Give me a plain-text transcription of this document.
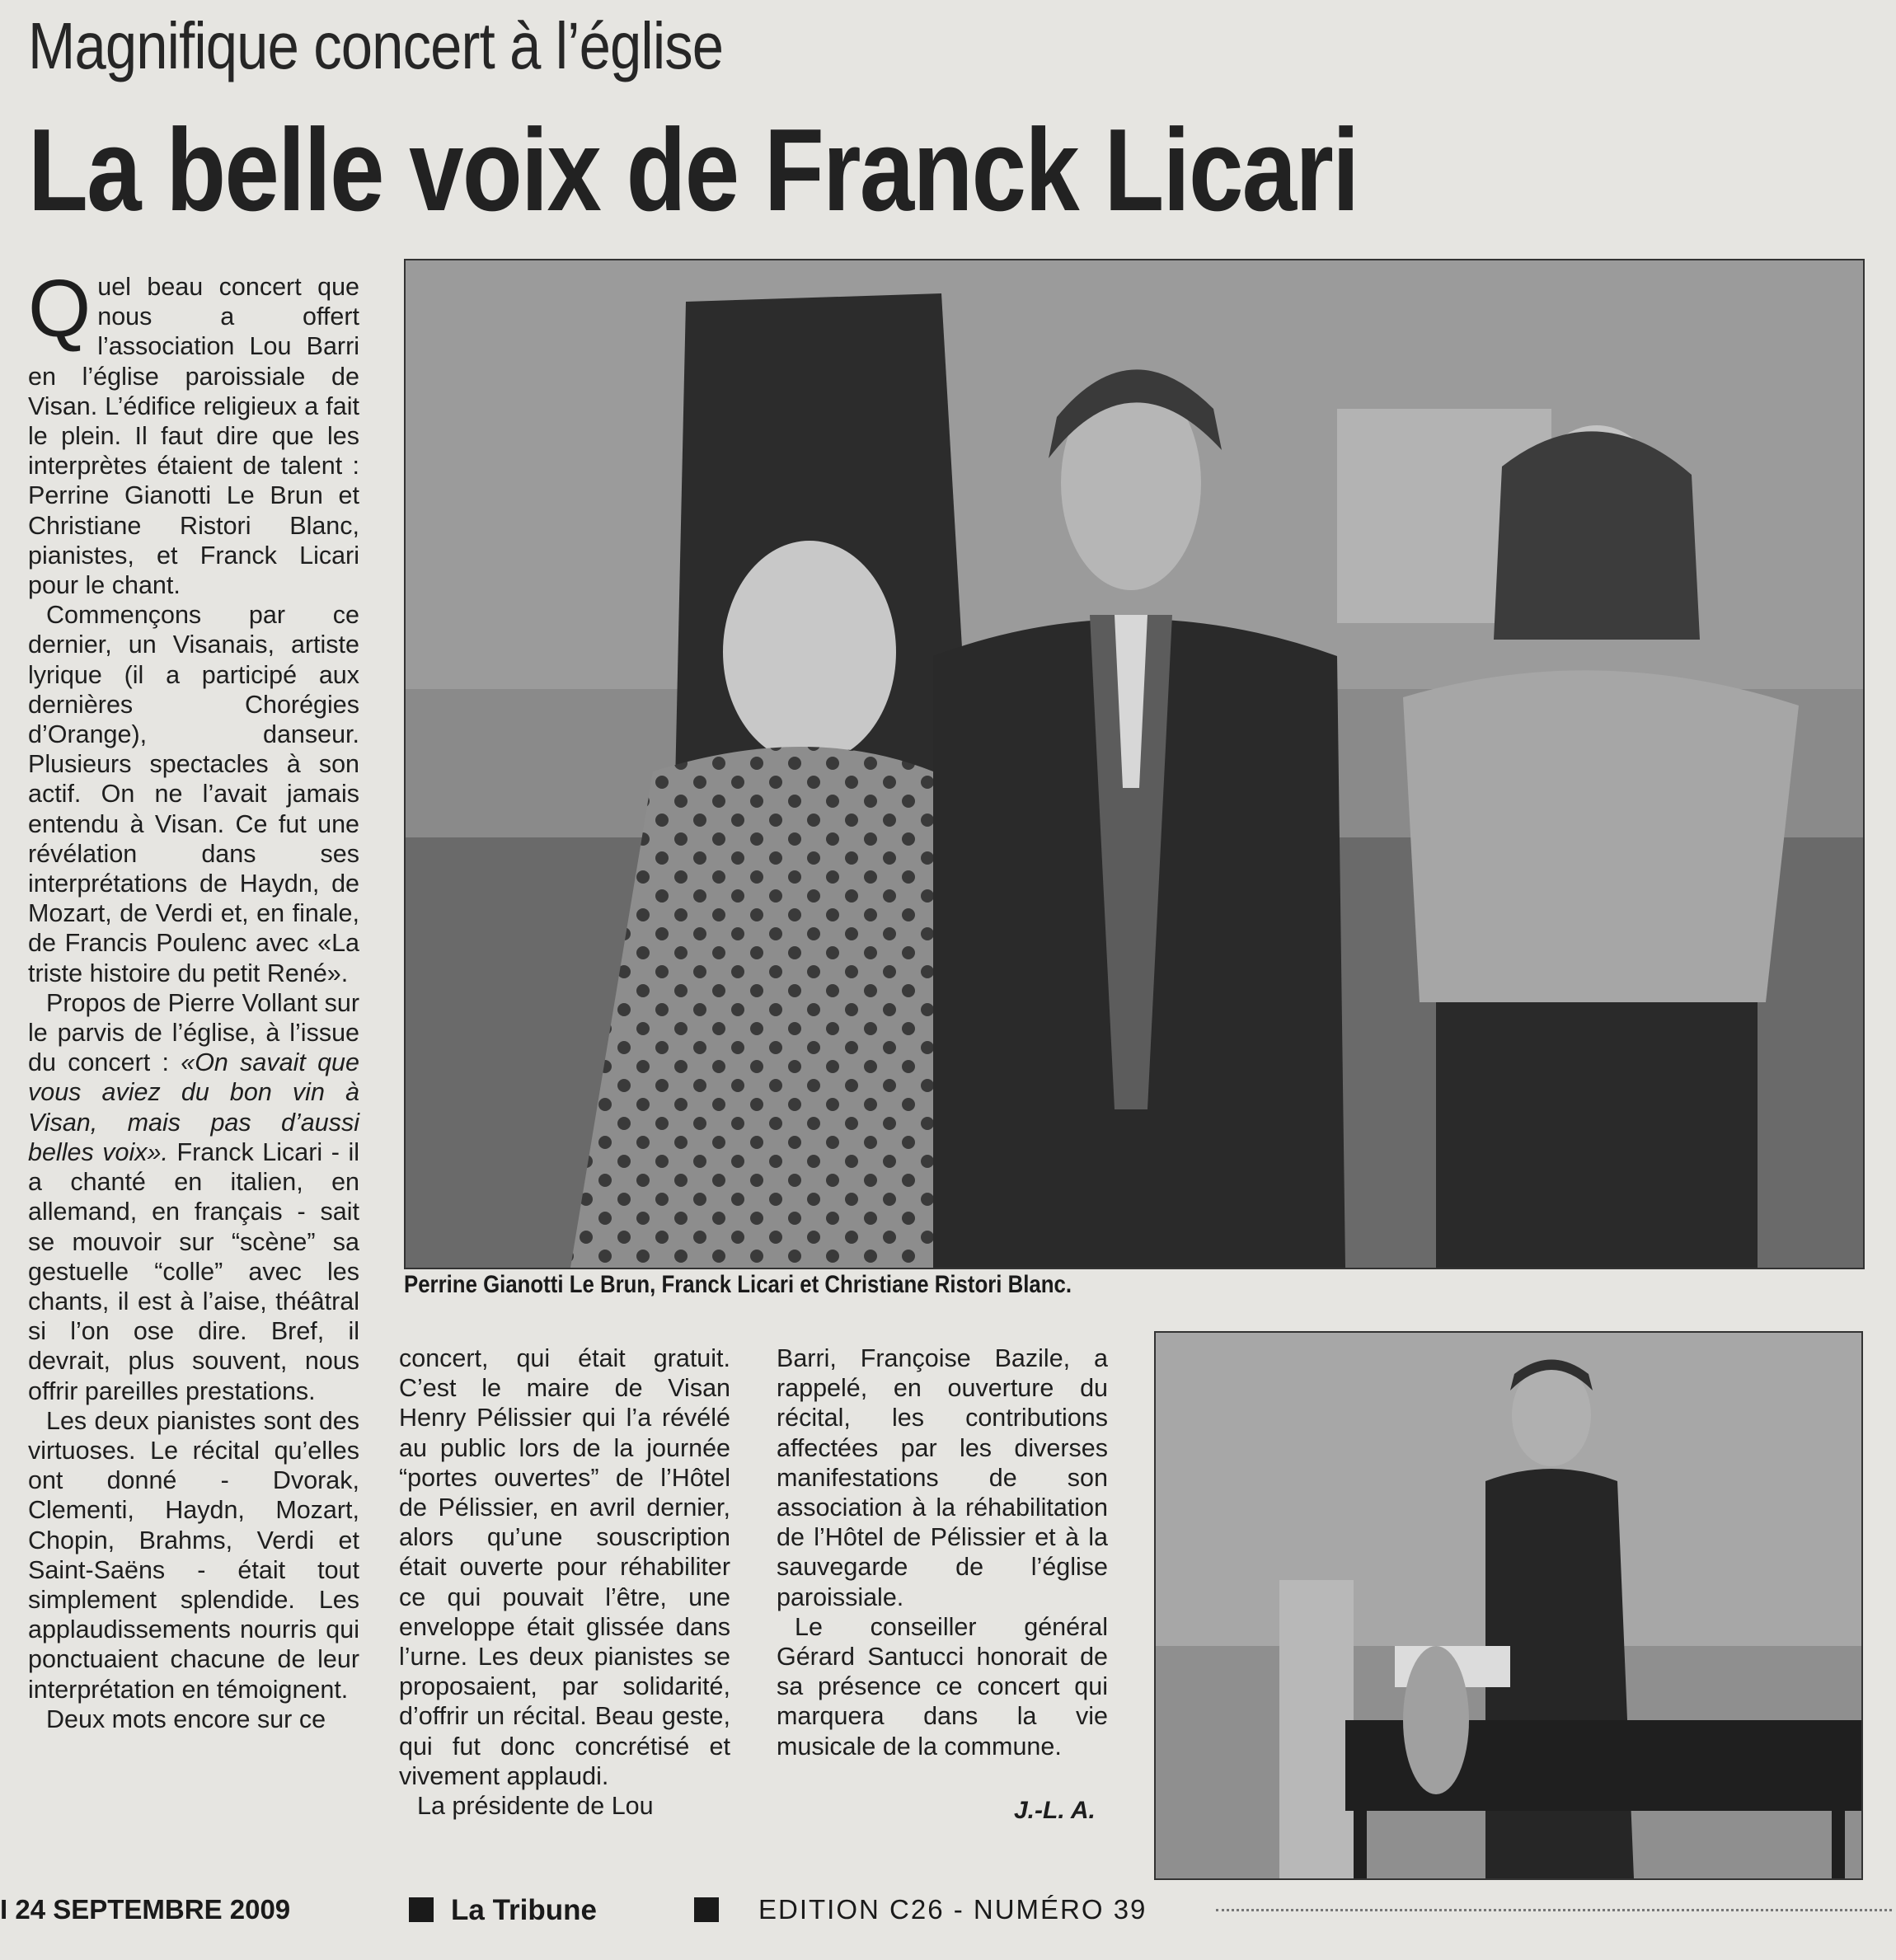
Magnifique concert à l’église
La belle voix de Franck Licari

Quel beau concert que nous a offert l’association Lou Barri en l’église paroissiale de Visan. L’édifice religieux a fait le plein. Il faut dire que les interprètes étaient de talent : Perrine Gianotti Le Brun et Christiane Ristori Blanc, pianistes, et Franck Licari pour le chant.

Commençons par ce dernier, un Visanais, artiste lyrique (il a participé aux dernières Chorégies d’Orange), danseur. Plusieurs spectacles à son actif. On ne l’avait jamais entendu à Visan. Ce fut une révélation dans ses interprétations de Haydn, de Mozart, de Verdi et, en finale, de Francis Poulenc avec «La triste histoire du petit René».

Propos de Pierre Vollant sur le parvis de l’église, à l’issue du concert : «On savait que vous aviez du bon vin à Visan, mais pas d’aussi belles voix». Franck Licari - il a chanté en italien, en allemand, en français - sait se mouvoir sur “scène” sa gestuelle “colle” avec les chants, il est à l’aise, théâtral si l’on ose dire. Bref, il devrait, plus souvent, nous offrir pareilles prestations.

Les deux pianistes sont des virtuoses. Le récital qu’elles ont donné - Dvorak, Clementi, Haydn, Mozart, Chopin, Brahms, Verdi et Saint-Saëns - était tout simplement splendide. Les applaudissements nourris qui ponctuaient chacune de leur interprétation en témoignent.

Deux mots encore sur ce

Perrine Gianotti Le Brun, Franck Licari et Christiane Ristori Blanc.

concert, qui était gratuit. C’est le maire de Visan Henry Pélissier qui l’a révélé au public lors de la journée “portes ouvertes” de l’Hôtel de Pélissier, en avril dernier, alors qu’une souscription était ouverte pour réhabiliter ce qui pouvait l’être, une enveloppe était glissée dans l’urne. Les deux pianistes se proposaient, par solidarité, d’offrir un récital. Beau geste, qui fut donc concrétisé et vivement applaudi.

La présidente de Lou

Barri, Françoise Bazile, a rappelé, en ouverture du récital, les contributions affectées par les diverses manifestations de son association à la réhabilitation de l’Hôtel de Pélissier et à la sauvegarde de l’église paroissiale.

Le conseiller général Gérard Santucci honorait de sa présence ce concert qui marquera dans la vie musicale de la commune.

J.-L. A.
I 24 SEPTEMBRE 2009	La Tribune	EDITION C26 - NUMÉRO 39
